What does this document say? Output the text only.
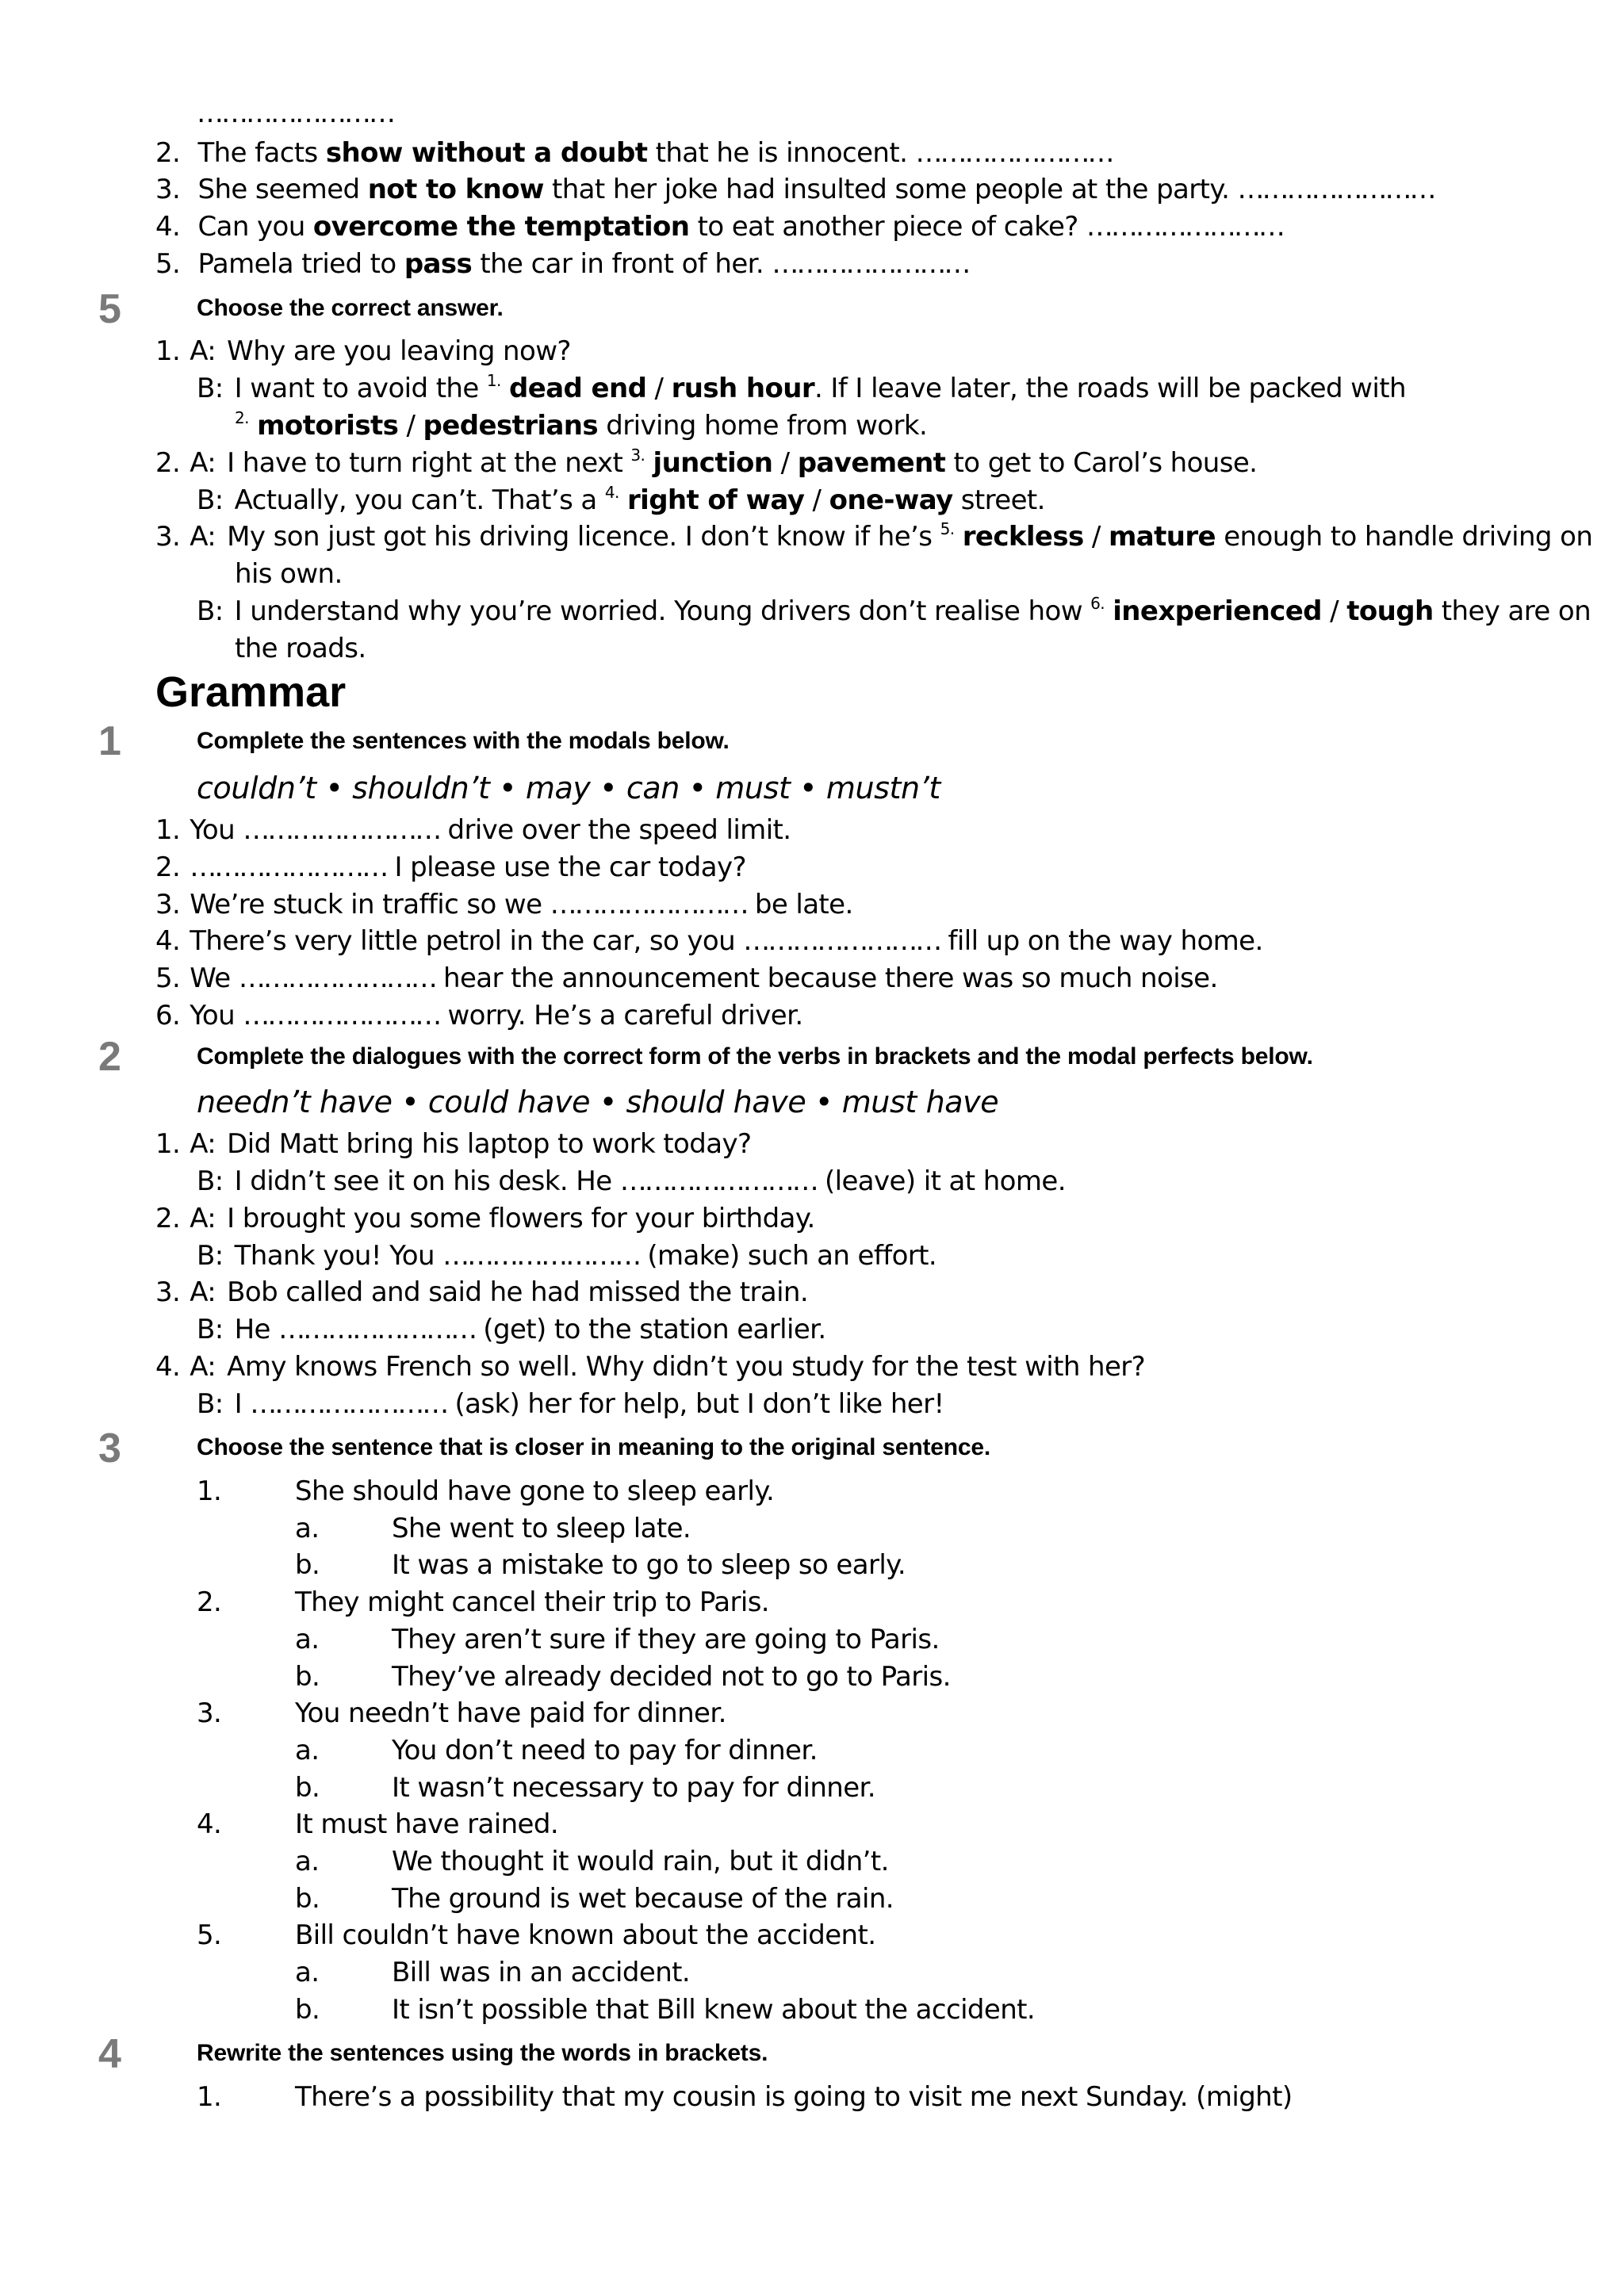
……………………
2. The facts show without a doubt that he is innocent. ……………………
3. She seemed not to know that her joke had insulted some people at the party. ……………………
4. Can you overcome the temptation to eat another piece of cake? ……………………
5. Pamela tried to pass the car in front of her. ……………………
5	Choose the correct answer.
1. A: Why are you leaving now?
B: I want to avoid the $^{1.}$ dead end / rush hour. If I leave later, the roads will be packed with
$^{2.}$ motorists / pedestrians driving home from work.
2. A: I have to turn right at the next $^{3.}$ junction / pavement to get to Carol’s house.
B: Actually, you can’t. That’s a $^{4.}$ right of way / one-way street.
3. A: My son just got his driving licence. I don’t know if he’s $^{5.}$ reckless / mature enough to handle driving on
his own.
B: I understand why you’re worried. Young drivers don’t realise how $^{6.}$ inexperienced / tough they are on
the roads.
Grammar
1	Complete the sentences with the modals below.
couldn’t • shouldn’t • may • can • must • mustn’t
1. You …………………… drive over the speed limit.
2. …………………… I please use the car today?
3. We’re stuck in traffic so we …………………… be late.
4. There’s very little petrol in the car, so you …………………… fill up on the way home.
5. We …………………… hear the announcement because there was so much noise.
6. You …………………… worry. He’s a careful driver.
2	Complete the dialogues with the correct form of the verbs in brackets and the modal perfects below.
needn’t have • could have • should have • must have
1. A: Did Matt bring his laptop to work today?
B: I didn’t see it on his desk. He …………………… (leave) it at home.
2. A: I brought you some flowers for your birthday.
B: Thank you! You …………………… (make) such an effort.
3. A: Bob called and said he had missed the train.
B: He …………………… (get) to the station earlier.
4. A: Amy knows French so well. Why didn’t you study for the test with her?
B: I …………………… (ask) her for help, but I don’t like her!
3	Choose the sentence that is closer in meaning to the original sentence.
1.	She should have gone to sleep early.
a.	She went to sleep late.
b.	It was a mistake to go to sleep so early.
2.	They might cancel their trip to Paris.
a.	They aren’t sure if they are going to Paris.
b.	They’ve already decided not to go to Paris.
3.	You needn’t have paid for dinner.
a.	You don’t need to pay for dinner.
b.	It wasn’t necessary to pay for dinner.
4.	It must have rained.
a.	We thought it would rain, but it didn’t.
b.	The ground is wet because of the rain.
5.	Bill couldn’t have known about the accident.
a.	Bill was in an accident.
b.	It isn’t possible that Bill knew about the accident.
4	Rewrite the sentences using the words in brackets.
1.	There’s a possibility that my cousin is going to visit me next Sunday. (might)
